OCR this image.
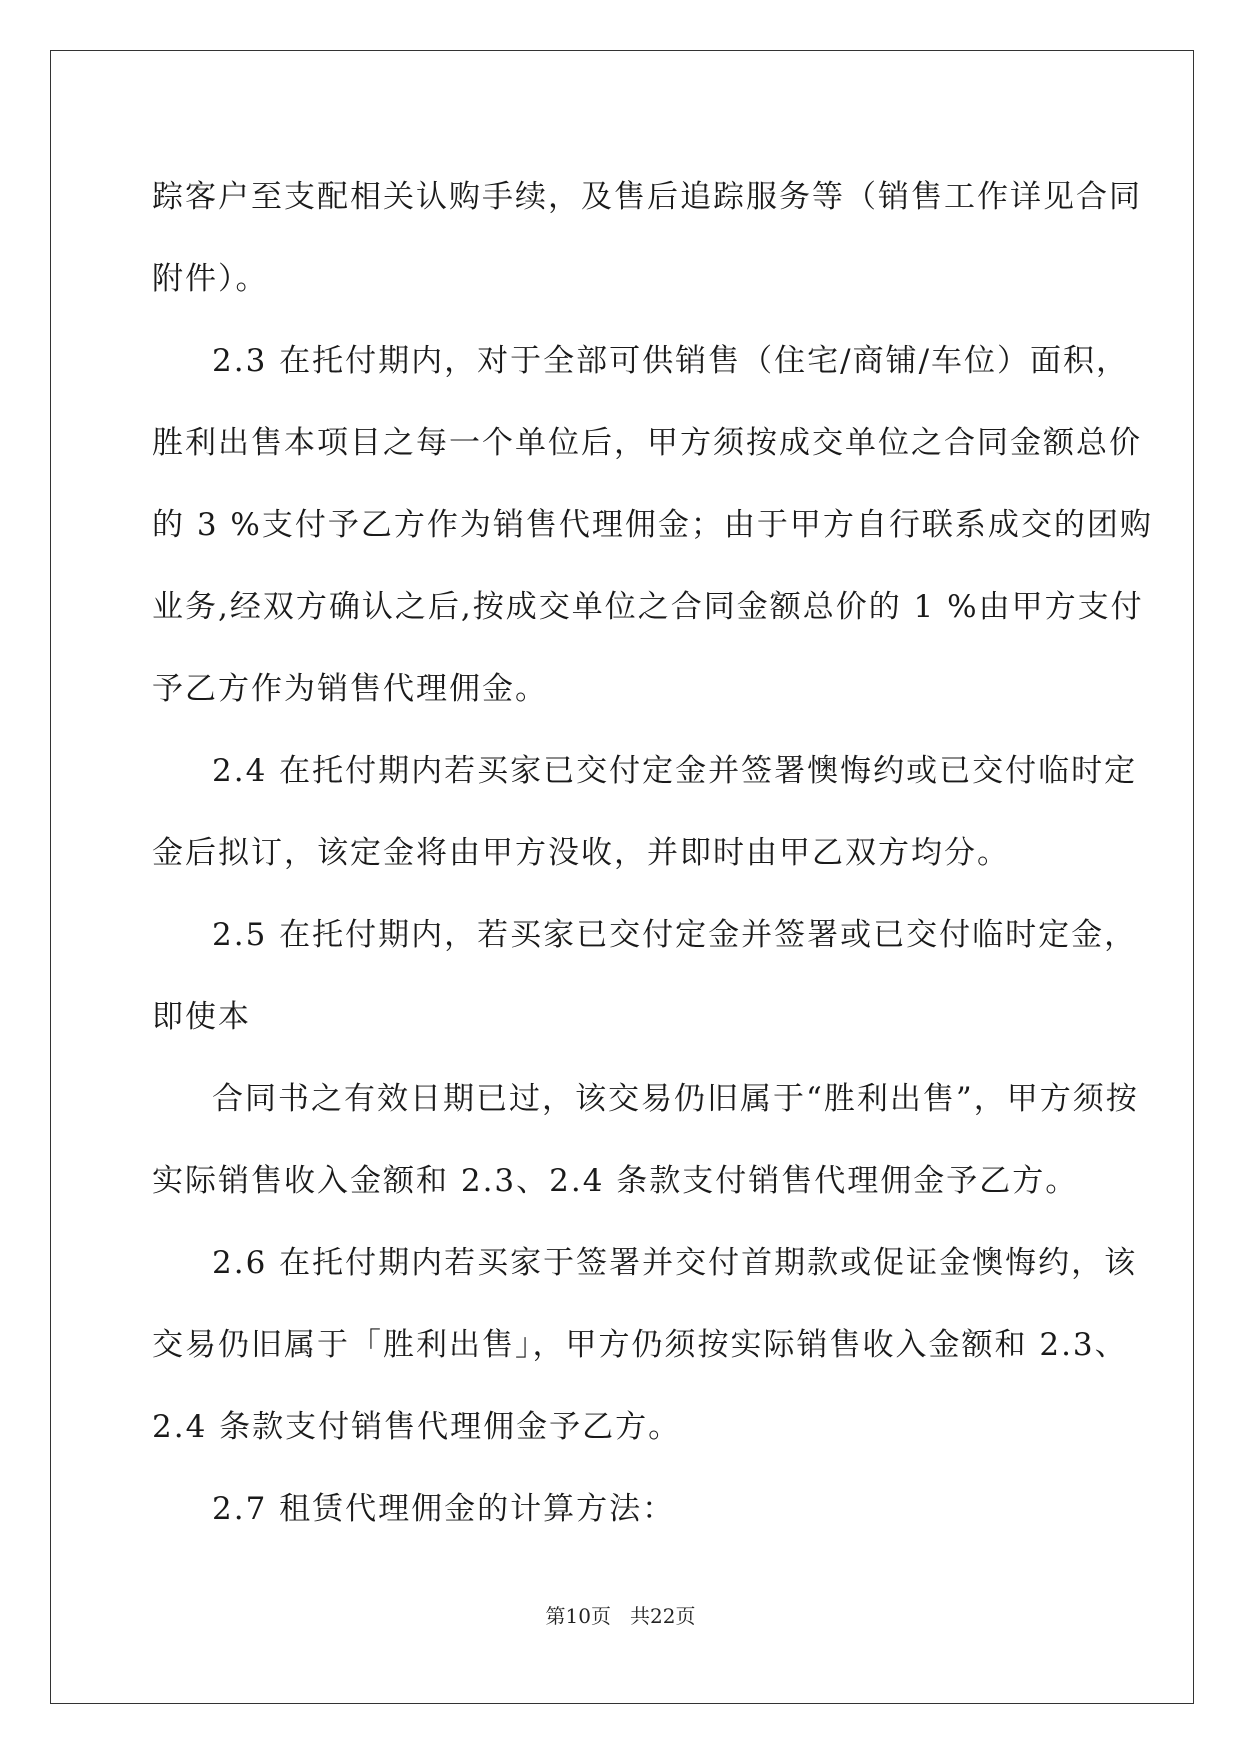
踪客户至支配相关认购手续，及售后追踪服务等（销售工作详见合同
附件）。
2.3 在托付期内，对于全部可供销售（住宅/商铺/车位）面积，
胜利出售本项目之每一个单位后，甲方须按成交单位之合同金额总价
的 3 %支付予乙方作为销售代理佣金；由于甲方自行联系成交的团购
业务,经双方确认之后,按成交单位之合同金额总价的 1 %由甲方支付
予乙方作为销售代理佣金。
2.4 在托付期内若买家已交付定金并签署懊悔约或已交付临时定
金后拟订，该定金将由甲方没收，并即时由甲乙双方均分。
2.5 在托付期内，若买家已交付定金并签署或已交付临时定金，
即使本
合同书之有效日期已过，该交易仍旧属于“胜利出售”，甲方须按
实际销售收入金额和 2.3、2.4 条款支付销售代理佣金予乙方。
2.6 在托付期内若买家于签署并交付首期款或促证金懊悔约，该
交易仍旧属于「胜利出售」，甲方仍须按实际销售收入金额和 2.3、
2.4 条款支付销售代理佣金予乙方。
2.7 租赁代理佣金的计算方法：
第10页   共22页
